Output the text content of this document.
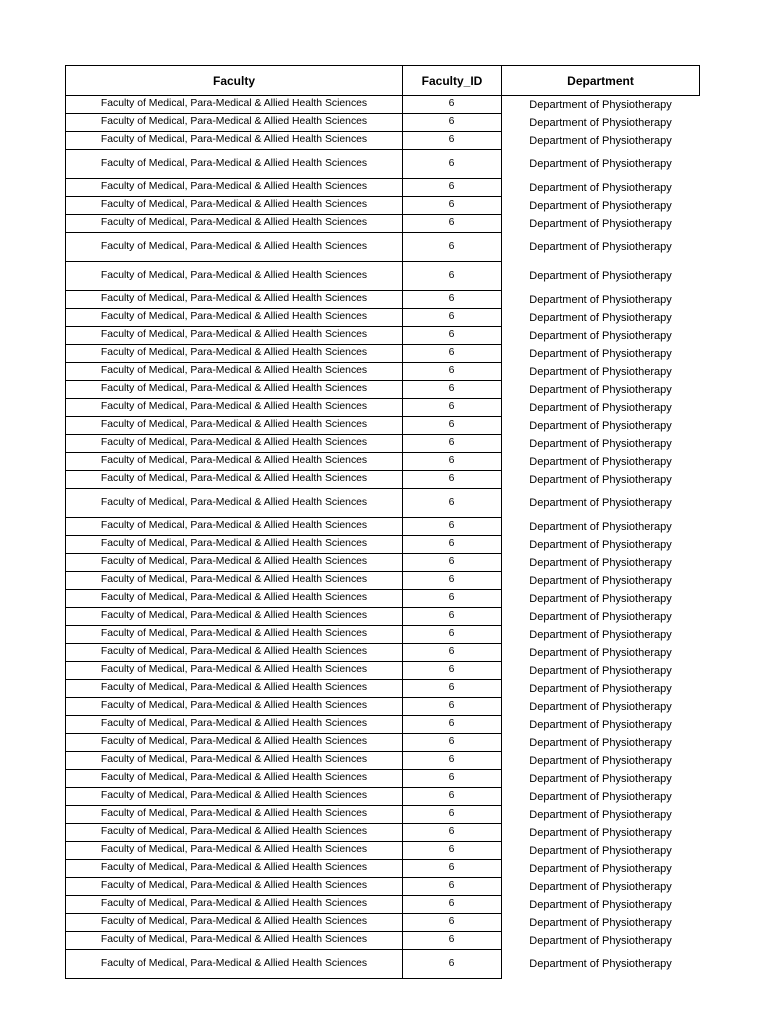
Faculty	Faculty_ID	Department
Faculty of Medical, Para-Medical & Allied Health Sciences	6	Department of Physiotherapy
Faculty of Medical, Para-Medical & Allied Health Sciences	6	Department of Physiotherapy
Faculty of Medical, Para-Medical & Allied Health Sciences	6	Department of Physiotherapy
Faculty of Medical, Para-Medical & Allied Health Sciences	6	Department of Physiotherapy
Faculty of Medical, Para-Medical & Allied Health Sciences	6	Department of Physiotherapy
Faculty of Medical, Para-Medical & Allied Health Sciences	6	Department of Physiotherapy
Faculty of Medical, Para-Medical & Allied Health Sciences	6	Department of Physiotherapy
Faculty of Medical, Para-Medical & Allied Health Sciences	6	Department of Physiotherapy
Faculty of Medical, Para-Medical & Allied Health Sciences	6	Department of Physiotherapy
Faculty of Medical, Para-Medical & Allied Health Sciences	6	Department of Physiotherapy
Faculty of Medical, Para-Medical & Allied Health Sciences	6	Department of Physiotherapy
Faculty of Medical, Para-Medical & Allied Health Sciences	6	Department of Physiotherapy
Faculty of Medical, Para-Medical & Allied Health Sciences	6	Department of Physiotherapy
Faculty of Medical, Para-Medical & Allied Health Sciences	6	Department of Physiotherapy
Faculty of Medical, Para-Medical & Allied Health Sciences	6	Department of Physiotherapy
Faculty of Medical, Para-Medical & Allied Health Sciences	6	Department of Physiotherapy
Faculty of Medical, Para-Medical & Allied Health Sciences	6	Department of Physiotherapy
Faculty of Medical, Para-Medical & Allied Health Sciences	6	Department of Physiotherapy
Faculty of Medical, Para-Medical & Allied Health Sciences	6	Department of Physiotherapy
Faculty of Medical, Para-Medical & Allied Health Sciences	6	Department of Physiotherapy
Faculty of Medical, Para-Medical & Allied Health Sciences	6	Department of Physiotherapy
Faculty of Medical, Para-Medical & Allied Health Sciences	6	Department of Physiotherapy
Faculty of Medical, Para-Medical & Allied Health Sciences	6	Department of Physiotherapy
Faculty of Medical, Para-Medical & Allied Health Sciences	6	Department of Physiotherapy
Faculty of Medical, Para-Medical & Allied Health Sciences	6	Department of Physiotherapy
Faculty of Medical, Para-Medical & Allied Health Sciences	6	Department of Physiotherapy
Faculty of Medical, Para-Medical & Allied Health Sciences	6	Department of Physiotherapy
Faculty of Medical, Para-Medical & Allied Health Sciences	6	Department of Physiotherapy
Faculty of Medical, Para-Medical & Allied Health Sciences	6	Department of Physiotherapy
Faculty of Medical, Para-Medical & Allied Health Sciences	6	Department of Physiotherapy
Faculty of Medical, Para-Medical & Allied Health Sciences	6	Department of Physiotherapy
Faculty of Medical, Para-Medical & Allied Health Sciences	6	Department of Physiotherapy
Faculty of Medical, Para-Medical & Allied Health Sciences	6	Department of Physiotherapy
Faculty of Medical, Para-Medical & Allied Health Sciences	6	Department of Physiotherapy
Faculty of Medical, Para-Medical & Allied Health Sciences	6	Department of Physiotherapy
Faculty of Medical, Para-Medical & Allied Health Sciences	6	Department of Physiotherapy
Faculty of Medical, Para-Medical & Allied Health Sciences	6	Department of Physiotherapy
Faculty of Medical, Para-Medical & Allied Health Sciences	6	Department of Physiotherapy
Faculty of Medical, Para-Medical & Allied Health Sciences	6	Department of Physiotherapy
Faculty of Medical, Para-Medical & Allied Health Sciences	6	Department of Physiotherapy
Faculty of Medical, Para-Medical & Allied Health Sciences	6	Department of Physiotherapy
Faculty of Medical, Para-Medical & Allied Health Sciences	6	Department of Physiotherapy
Faculty of Medical, Para-Medical & Allied Health Sciences	6	Department of Physiotherapy
Faculty of Medical, Para-Medical & Allied Health Sciences	6	Department of Physiotherapy
Faculty of Medical, Para-Medical & Allied Health Sciences	6	Department of Physiotherapy
Faculty of Medical, Para-Medical & Allied Health Sciences	6	Department of Physiotherapy
